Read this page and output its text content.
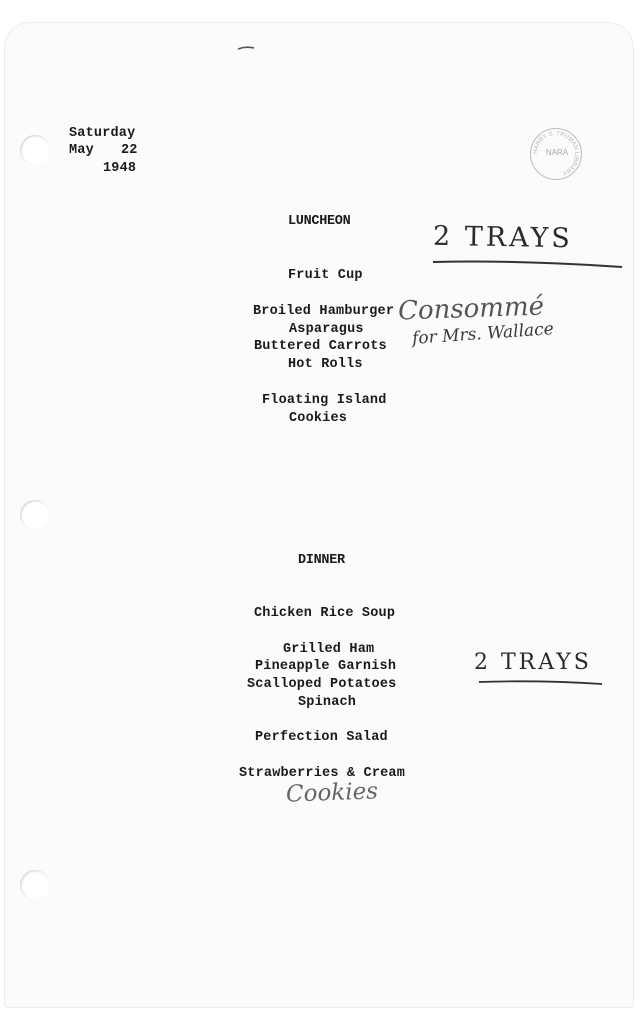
Saturday
May 22
1948
HARRY S. TRUMAN LIBRARY
NARA
LUNCHEON
Fruit Cup
Broiled Hamburger
Asparagus
Buttered Carrots
Hot Rolls
Floating Island
Cookies
2 TRAYS
Consommé
for Mrs. Wallace
DINNER
Chicken Rice Soup
Grilled Ham
Pineapple Garnish
Scalloped Potatoes
Spinach
Perfection Salad
Strawberries & Cream
2 TRAYS
Cookies
